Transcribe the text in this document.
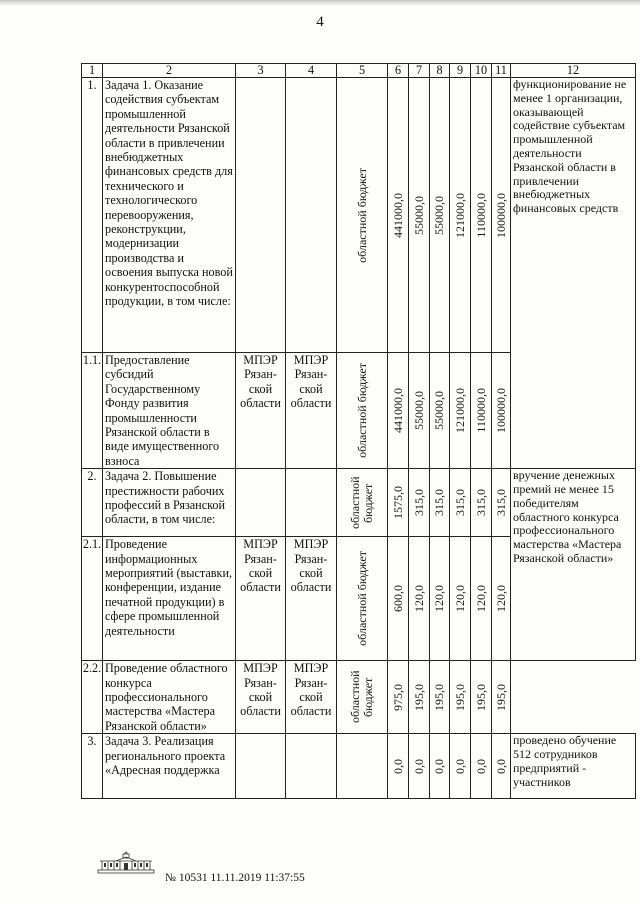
4
1	2	3	4	5	6	7	8	9	10	11	12
1.	Задача 1. Оказание содействия субъектам промышленной деятельности Рязанской области в привлечении внебюджетных финансовых средств для технического и технологического перевооружения, реконструкции, модернизации производства и освоения выпуска новой конкурентоспособной продукции, в том числе:			областной бюджет	441000,0	55000,0	55000,0	121000,0	110000,0	100000,0	функционирование не менее 1 организации, оказывающей содействие субъектам промышленной деятельности Рязанской области в привлечении внебюджетных финансовых средств
1.1.	Предоставление субсидий Государственному Фонду развития промышленности Рязанской области в виде имущественного взноса	МПЭР Рязан-ской области	МПЭР Рязан-ской области	областной бюджет	441000,0	55000,0	55000,0	121000,0	110000,0	100000,0	

2.	Задача 2. Повышение престижности рабочих профессий в Рязанской области, в том числе:			областной бюджет	1575,0	315,0	315,0	315,0	315,0	315,0	вручение денежных премий не менее 15 победителям областного конкурса профессионального мастерства «Мастера Рязанской области»
2.1.	Проведение информационных мероприятий (выставки, конференции, издание печатной продукции) в сфере промышленной деятельности	МПЭР Рязан-ской области	МПЭР Рязан-ской области	областной бюджет	600,0	120,0	120,0	120,0	120,0	120,0	

2.2.	Проведение областного конкурса профессионального мастерства «Мастера Рязанской области»	МПЭР Рязан-ской области	МПЭР Рязан-ской области	областной бюджет	975,0	195,0	195,0	195,0	195,0	195,0	

3.	Задача 3. Реализация регионального проекта «Адресная поддержка				0,0	0,0	0,0	0,0	0,0	0,0	проведено обучение 512 сотрудников предприятий - участников
№ 10531 11.11.2019 11:37:55
